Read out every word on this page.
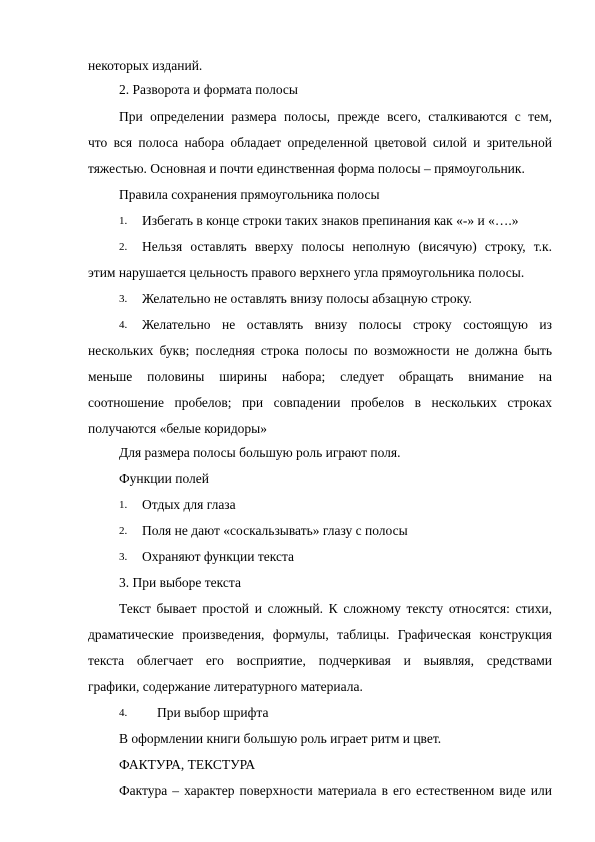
некоторых изданий.
2. Разворота и формата полосы
При определении размера полосы, прежде всего, сталкиваются с тем,
что вся полоса набора обладает определенной цветовой силой и зрительной
тяжестью. Основная и почти единственная форма полосы – прямоугольник.
Правила сохранения прямоугольника полосы
1. Избегать в конце строки таких знаков препинания как «-» и «….»
2. Нельзя оставлять вверху полосы неполную (висячую) строку, т.к.
этим нарушается цельность правого верхнего угла прямоугольника полосы.
3. Желательно не оставлять внизу полосы абзацную строку.
4. Желательно не оставлять внизу полосы строку состоящую из
нескольких букв; последняя строка полосы по возможности не должна быть
меньше половины ширины набора; следует обращать внимание на
соотношение пробелов; при совпадении пробелов в нескольких строках
получаются «белые коридоры»
Для размера полосы большую роль играют поля.
Функции полей
1. Отдых для глаза
2. Поля не дают «соскальзывать» глазу с полосы
3. Охраняют функции текста
3. При выборе текста
Текст бывает простой и сложный. К сложному тексту относятся: стихи,
драматические произведения, формулы, таблицы. Графическая конструкция
текста облегчает его восприятие, подчеркивая и выявляя, средствами
графики, содержание литературного материала.
4. При выбор шрифта
В оформлении книги большую роль играет ритм и цвет.
ФАКТУРА, ТЕКСТУРА
Фактура – характер поверхности материала в его естественном виде или
